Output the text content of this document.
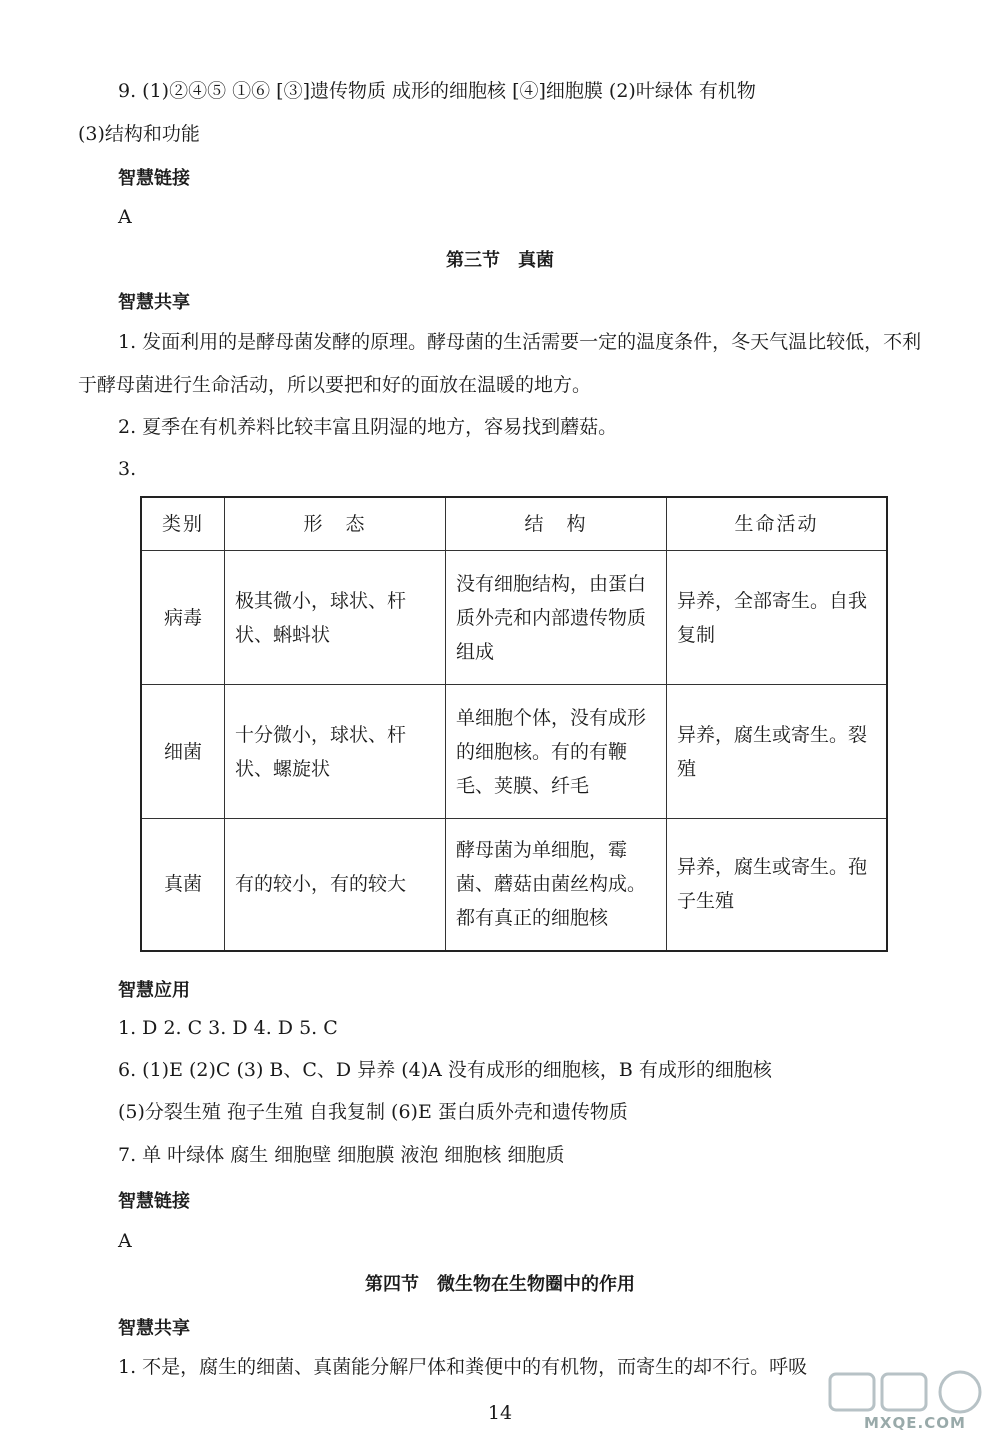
9. (1)②④⑤ ①⑥ [③]遗传物质 成形的细胞核 [④]细胞膜 (2)叶绿体 有机物
(3)结构和功能
智慧链接
A
第三节　真菌
智慧共享
1. 发面利用的是酵母菌发酵的原理。酵母菌的生活需要一定的温度条件，冬天气温比较低，不利
于酵母菌进行生命活动，所以要把和好的面放在温暖的地方。
2. 夏季在有机养料比较丰富且阴湿的地方，容易找到蘑菇。
3.
类别	形　态	结　构	生命活动
病毒	极其微小，球状、杆状、蝌蚪状	没有细胞结构，由蛋白质外壳和内部遗传物质组成	异养，全部寄生。自我复制
细菌	十分微小，球状、杆状、螺旋状	单细胞个体，没有成形的细胞核。有的有鞭毛、荚膜、纤毛	异养，腐生或寄生。裂殖
真菌	有的较小，有的较大	酵母菌为单细胞，霉菌、蘑菇由菌丝构成。都有真正的细胞核	异养，腐生或寄生。孢子生殖
智慧应用
1. D 2. C 3. D 4. D 5. C
6. (1)E (2)C (3) B、C、D 异养 (4)A 没有成形的细胞核，B 有成形的细胞核
(5)分裂生殖 孢子生殖 自我复制 (6)E 蛋白质外壳和遗传物质
7. 单 叶绿体 腐生 细胞壁 细胞膜 液泡 细胞核 细胞质
智慧链接
A
第四节　微生物在生物圈中的作用
智慧共享
1. 不是，腐生的细菌、真菌能分解尸体和粪便中的有机物，而寄生的却不行。呼吸
14	MXQE.COM
